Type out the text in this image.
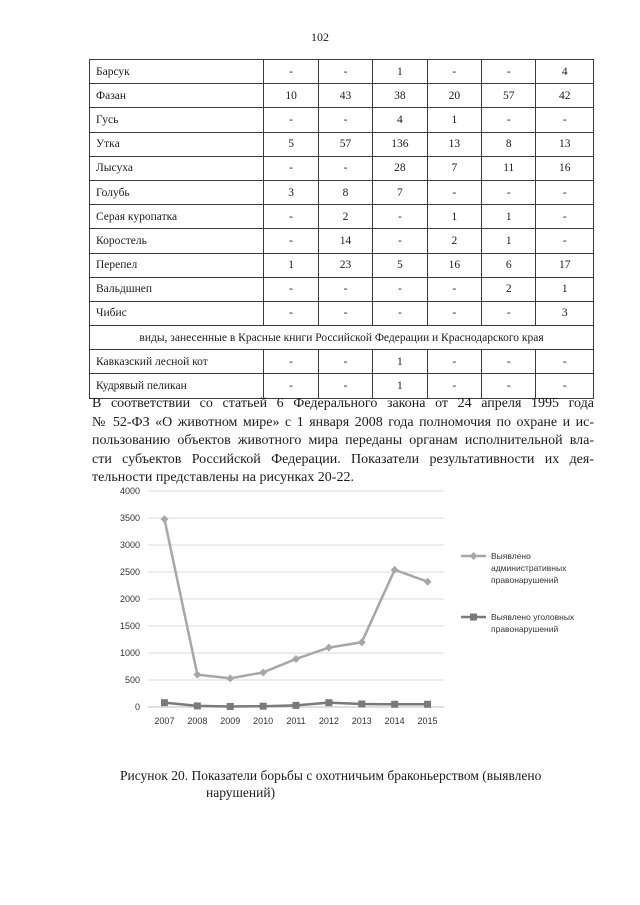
102
Барсук	-	-	1	-	-	4
Фазан	10	43	38	20	57	42
Гусь	-	-	4	1	-	-
Утка	5	57	136	13	8	13
Лысуха	-	-	28	7	11	16
Голубь	3	8	7	-	-	-
Серая куропатка	-	2	-	1	1	-
Коростель	-	14	-	2	1	-
Перепел	1	23	5	16	6	17
Вальдшнеп	-	-	-	-	2	1
Чибис	-	-	-	-	-	3
виды, занесенные в Красные книги Российской Федерации и Краснодарского края						
Кавказский лесной кот	-	-	1	-	-	-
Кудрявый пеликан	-	-	1	-	-	-
В соответствии со статьей 6 Федерального закона от 24 апреля 1995 года
№ 52-ФЗ «О животном мире» с 1 января 2008 года полномочия по охране и ис-
пользованию объектов животного мира переданы органам исполнительной вла-
сти субъектов Российской Федерации. Показатели результативности их дея-
тельности представлены на рисунках 20-22.
0
500
1000
1500
2000
2500
3000
3500
4000
2007 2008 2009 2010 2011 2012 2013 2014 2015
Выявлено
административных
правонарушений
Выявлено уголовных
правонарушений
Рисунок 20. Показатели борьбы с охотничьим браконьерством (выявлено
нарушений)
